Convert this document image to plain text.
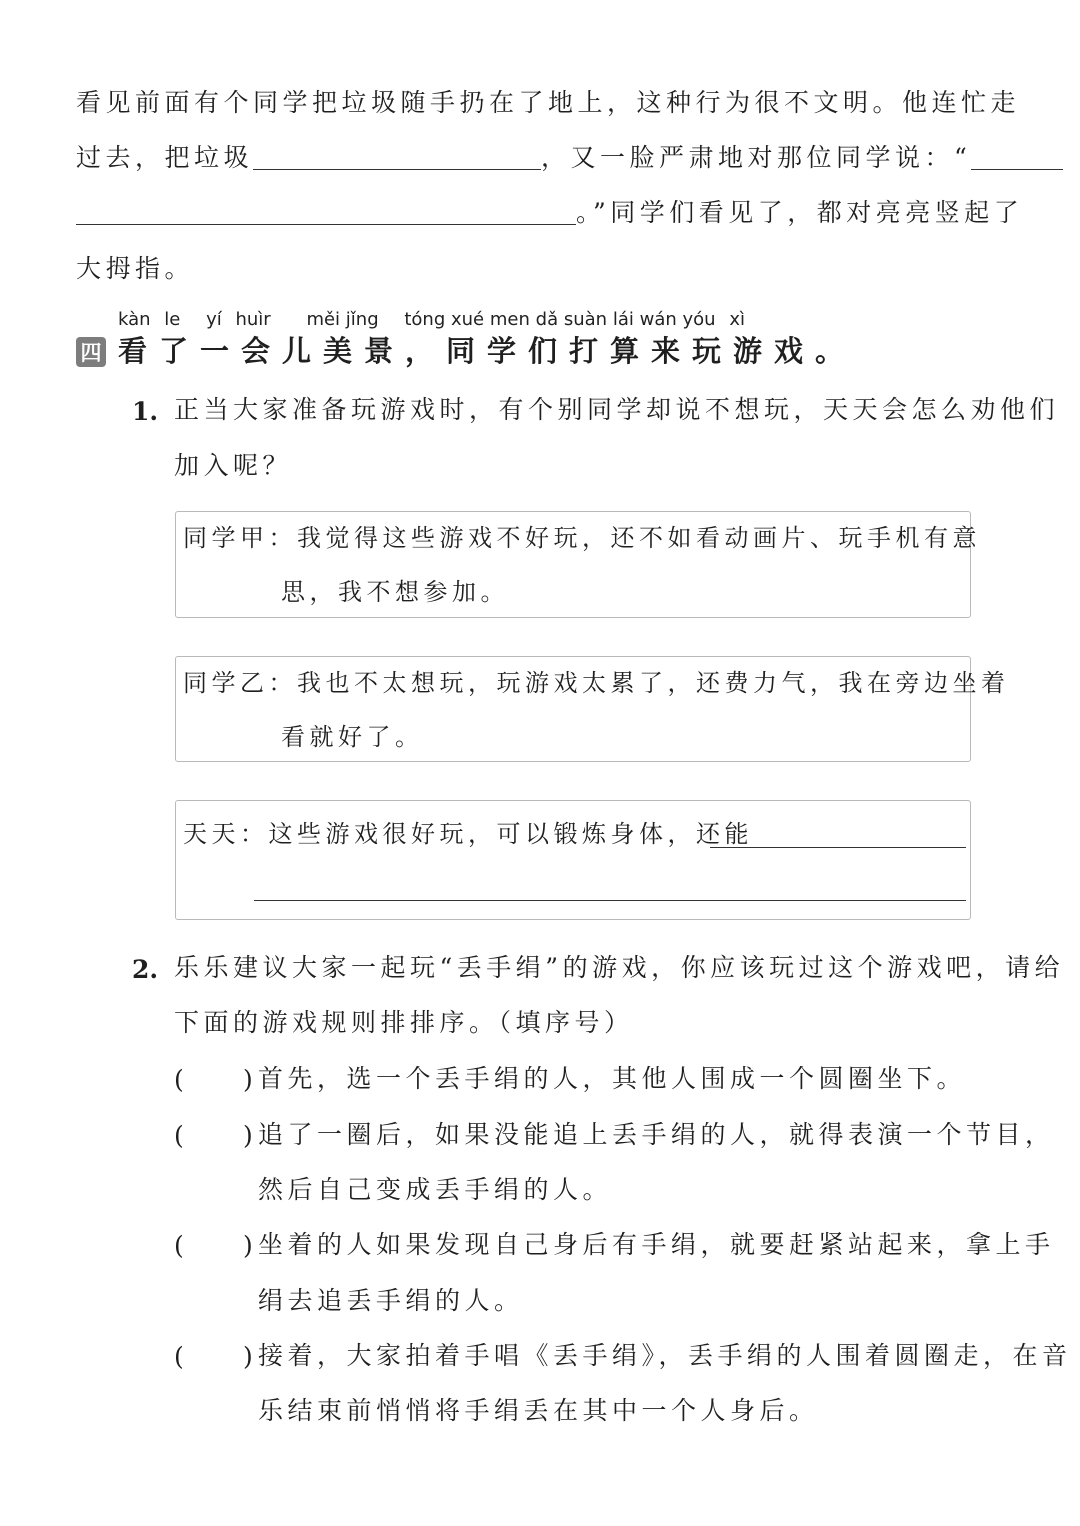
看见前面有个同学把垃圾随手扔在了地上，这种行为很不文明。他连忙走
过去，把垃圾	，又一脸严肃地对那位同学说：“
。”同学们看见了，都对亮亮竖起了
大拇指。
kàn le yí huìr měi jǐng tóng xué men dǎ suàn lái wán yóu xì
四 看了一会儿美景，同学们打算来玩游戏。
1. 正当大家准备玩游戏时，有个别同学却说不想玩，天天会怎么劝他们
加入呢？
同学甲：我觉得这些游戏不好玩，还不如看动画片、玩手机有意
思，我不想参加。
同学乙：我也不太想玩，玩游戏太累了，还费力气，我在旁边坐着
看就好了。
天天：这些游戏很好玩，可以锻炼身体，还能
2. 乐乐建议大家一起玩“丢手绢”的游戏，你应该玩过这个游戏吧，请给
下面的游戏规则排排序。（填序号）
( ) 首先，选一个丢手绢的人，其他人围成一个圆圈坐下。
( ) 追了一圈后，如果没能追上丢手绢的人，就得表演一个节目，
然后自己变成丢手绢的人。
( ) 坐着的人如果发现自己身后有手绢，就要赶紧站起来，拿上手
绢去追丢手绢的人。
( ) 接着，大家拍着手唱《丢手绢》，丢手绢的人围着圆圈走，在音
乐结束前悄悄将手绢丢在其中一个人身后。
